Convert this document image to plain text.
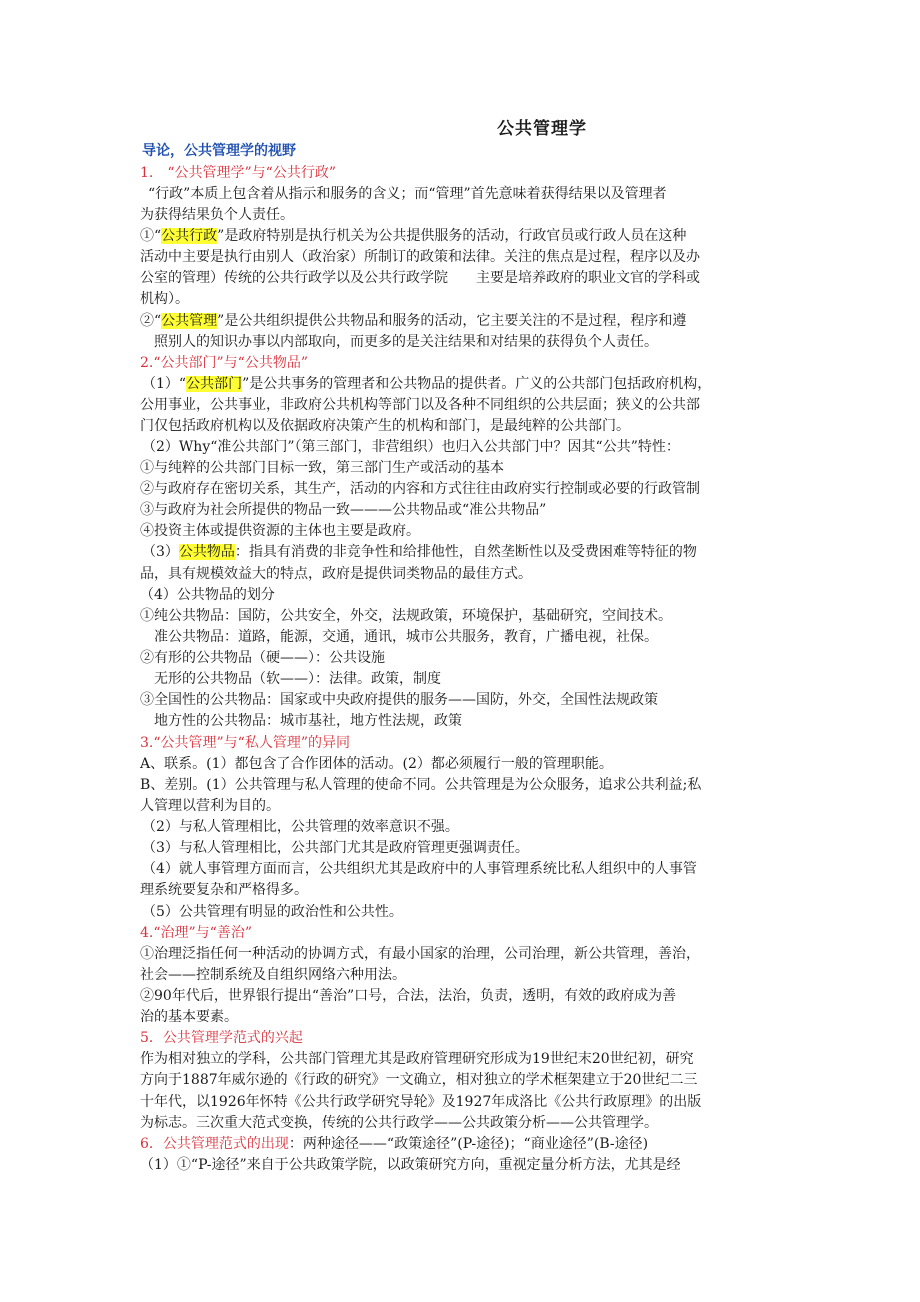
公共管理学
导论，公共管理学的视野
1.　“公共管理学”与“公共行政”
“行政”本质上包含着从指示和服务的含义；而“管理”首先意味着获得结果以及管理者
为获得结果负个人责任。
①“公共行政”是政府特别是执行机关为公共提供服务的活动，行政官员或行政人员在这种
活动中主要是执行由别人（政治家）所制订的政策和法律。关注的焦点是过程，程序以及办
公室的管理）传统的公共行政学以及公共行政学院　　主要是培养政府的职业文官的学科或
机构）。
②“公共管理”是公共组织提供公共物品和服务的活动，它主要关注的不是过程，程序和遵
　照别人的知识办事以内部取向，而更多的是关注结果和对结果的获得负个人责任。
2.“公共部门”与“公共物品”
（1）“公共部门”是公共事务的管理者和公共物品的提供者。广义的公共部门包括政府机构，
公用事业，公共事业，非政府公共机构等部门以及各种不同组织的公共层面；狭义的公共部
门仅包括政府机构以及依据政府决策产生的机构和部门，是最纯粹的公共部门。
（2）Why“准公共部门”（第三部门，非营组织）也归入公共部门中？因其“公共”特性：
①与纯粹的公共部门目标一致，第三部门生产或活动的基本
②与政府存在密切关系，其生产，活动的内容和方式往往由政府实行控制或必要的行政管制
③与政府为社会所提供的物品一致———公共物品或“准公共物品”
④投资主体或提供资源的主体也主要是政府。
（3）公共物品：指具有消费的非竞争性和给排他性，自然垄断性以及受费困难等特征的物
品，具有规模效益大的特点，政府是提供词类物品的最佳方式。
（4）公共物品的划分
①纯公共物品：国防，公共安全，外交，法规政策，环境保护，基础研究，空间技术。
　准公共物品：道路，能源，交通，通讯，城市公共服务，教育，广播电视，社保。
②有形的公共物品（硬——）：公共设施
　无形的公共物品（软——）：法律。政策，制度
③全国性的公共物品：国家或中央政府提供的服务——国防，外交，全国性法规政策
　地方性的公共物品：城市基社，地方性法规，政策
3.“公共管理”与“私人管理”的异同
A、联系。(1）都包含了合作团体的活动。(2）都必须履行一般的管理职能。
B、差别。(1）公共管理与私人管理的使命不同。公共管理是为公众服务，追求公共利益;私
人管理以营利为目的。
（2）与私人管理相比，公共管理的效率意识不强。
（3）与私人管理相比，公共部门尤其是政府管理更强调责任。
（4）就人事管理方面而言，公共组织尤其是政府中的人事管理系统比私人组织中的人事管
理系统要复杂和严格得多。
（5）公共管理有明显的政治性和公共性。
4.“治理”与“善治”
①治理泛指任何一种活动的协调方式，有最小国家的治理，公司治理，新公共管理，善治，
社会——控制系统及自组织网络六种用法。
②90年代后，世界银行提出“善治”口号，合法，法治，负责，透明，有效的政府成为善
治的基本要素。
5．公共管理学范式的兴起
作为相对独立的学科，公共部门管理尤其是政府管理研究形成为19世纪末20世纪初，研究
方向于1887年威尔逊的《行政的研究》一文确立，相对独立的学术框架建立于20世纪二三
十年代，以1926年怀特《公共行政学研究导轮》及1927年成洛比《公共行政原理》的出版
为标志。三次重大范式变换，传统的公共行政学——公共政策分析——公共管理学。
6．公共管理范式的出现：两种途径——“政策途径”(P-途径)；“商业途径”(B-途径)
（1）①“P-途径”来自于公共政策学院，以政策研究方向，重视定量分析方法，尤其是经
